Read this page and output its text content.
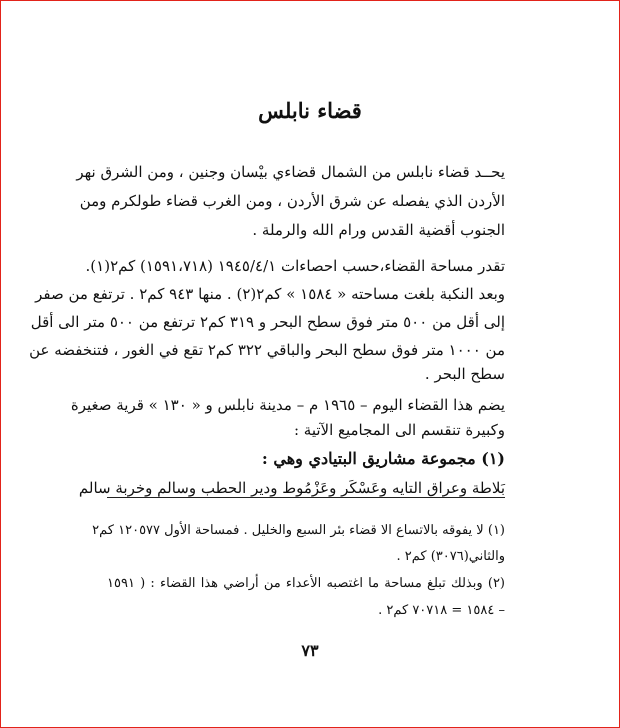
قضاء نابلس
يحــد قضاء نابلس من الشمال قضاءي بيْسان وجنين ، ومن الشرق نهر
الأردن الذي يفصله عن شرق الأردن ، ومن الغرب قضاء طولكرم ومن
الجنوب أقضية القدس ورام الله والرملة .
تقدر مساحة القضاء،حسب احصاءات ١٩٤٥/٤/١ (١٥٩١،٧١٨) كم٢(١).
وبعد النكبة بلغت مساحته « ١٥٨٤ » كم٢(٢) . منها ٩٤٣ كم٢ . ترتفع من صفر
إلى أقل من ٥٠٠ متر فوق سطح البحر و ٣١٩ كم٢ ترتفع من ٥٠٠ متر الى أقل
من ١٠٠٠ متر فوق سطح البحر والباقي ٣٢٢ كم٢ تقع في الغور ، فتنخفضه عن
سطح البحر .
يضم هذا القضاء اليوم – ١٩٦٥ م – مدينة نابلس و « ١٣٠ » قرية صغيرة
وكبيرة تنقسم الى المجاميع الآتية :
(١) مجموعة مشاريق البتيادي وهي :
بَلاطة وعراق التايه وعَسْكَر وعَزْمُوط ودير الحطب وسالم وخربة سالم
(١) لا يفوقه بالاتساع الا قضاء بئر السبع والخليل . فمساحة الأول ١٢٠٥٧٧ كم٢
والثاني(٣٠٧٦) كم٢ .
(٢) وبذلك تبلغ مساحة ما اغتصبه الأعداء من أراضي هذا القضاء : ( ١٥٩١
– ١٥٨٤ = ٧٠٧١٨ كم٢ .
٧٣
